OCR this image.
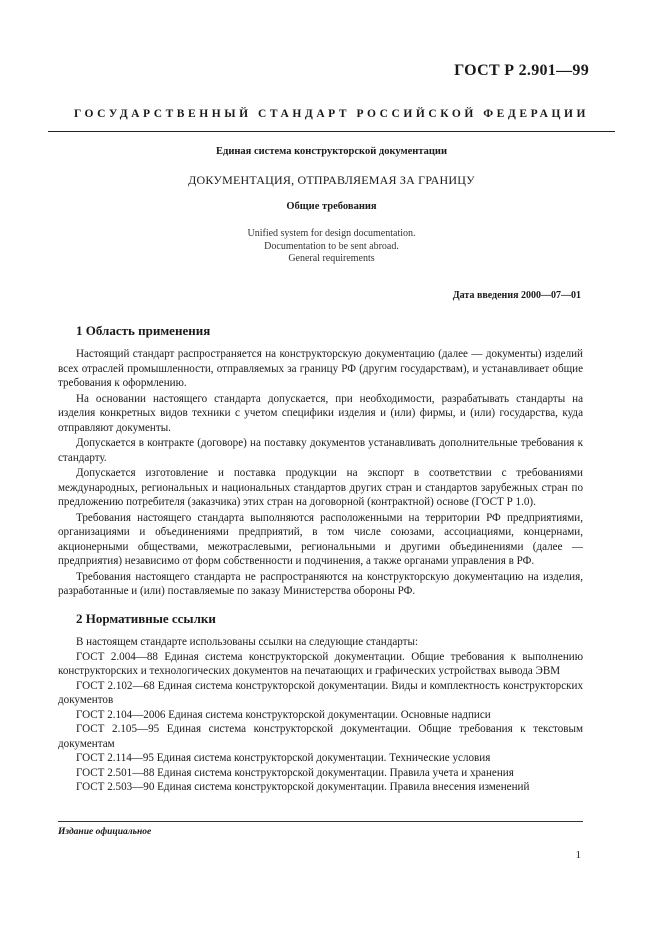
ГОСТ Р 2.901—99
ГОСУДАРСТВЕННЫЙ СТАНДАРТ РОССИЙСКОЙ ФЕДЕРАЦИИ
Единая система конструкторской документации
ДОКУМЕНТАЦИЯ, ОТПРАВЛЯЕМАЯ ЗА ГРАНИЦУ
Общие требования
Unified system for design documentation.
Documentation to be sent abroad.
General requirements
Дата введения 2000—07—01
1 Область применения

Настоящий стандарт распространяется на конструкторскую документацию (далее — документы) изделий всех отраслей промышленности, отправляемых за границу РФ (другим государствам), и устанавливает общие требования к оформлению.

На основании настоящего стандарта допускается, при необходимости, разрабатывать стандарты на изделия конкретных видов техники с учетом специфики изделия и (или) фирмы, и (или) государства, куда отправляют документы.

Допускается в контракте (договоре) на поставку документов устанавливать дополнительные требования к стандарту.

Допускается изготовление и поставка продукции на экспорт в соответствии с требованиями международных, региональных и национальных стандартов других стран и стандартов зарубежных стран по предложению потребителя (заказчика) этих стран на договорной (контрактной) основе (ГОСТ Р 1.0).

Требования настоящего стандарта выполняются расположенными на территории РФ предприятиями, организациями и объединениями предприятий, в том числе союзами, ассоциациями, концернами, акционерными обществами, межотраслевыми, региональными и другими объединениями (далее — предприятия) независимо от форм собственности и подчинения, а также органами управления в РФ.

Требования настоящего стандарта не распространяются на конструкторскую документацию на изделия, разработанные и (или) поставляемые по заказу Министерства обороны РФ.

2 Нормативные ссылки

В настоящем стандарте использованы ссылки на следующие стандарты:

ГОСТ 2.004—88 Единая система конструкторской документации. Общие требования к выполнению конструкторских и технологических документов на печатающих и графических устройствах вывода ЭВМ

ГОСТ 2.102—68 Единая система конструкторской документации. Виды и комплектность конструкторских документов

ГОСТ 2.104—2006 Единая система конструкторской документации. Основные надписи

ГОСТ 2.105—95 Единая система конструкторской документации. Общие требования к текстовым документам

ГОСТ 2.114—95 Единая система конструкторской документации. Технические условия

ГОСТ 2.501—88 Единая система конструкторской документации. Правила учета и хранения

ГОСТ 2.503—90 Единая система конструкторской документации. Правила внесения изменений

Издание официальное
1
